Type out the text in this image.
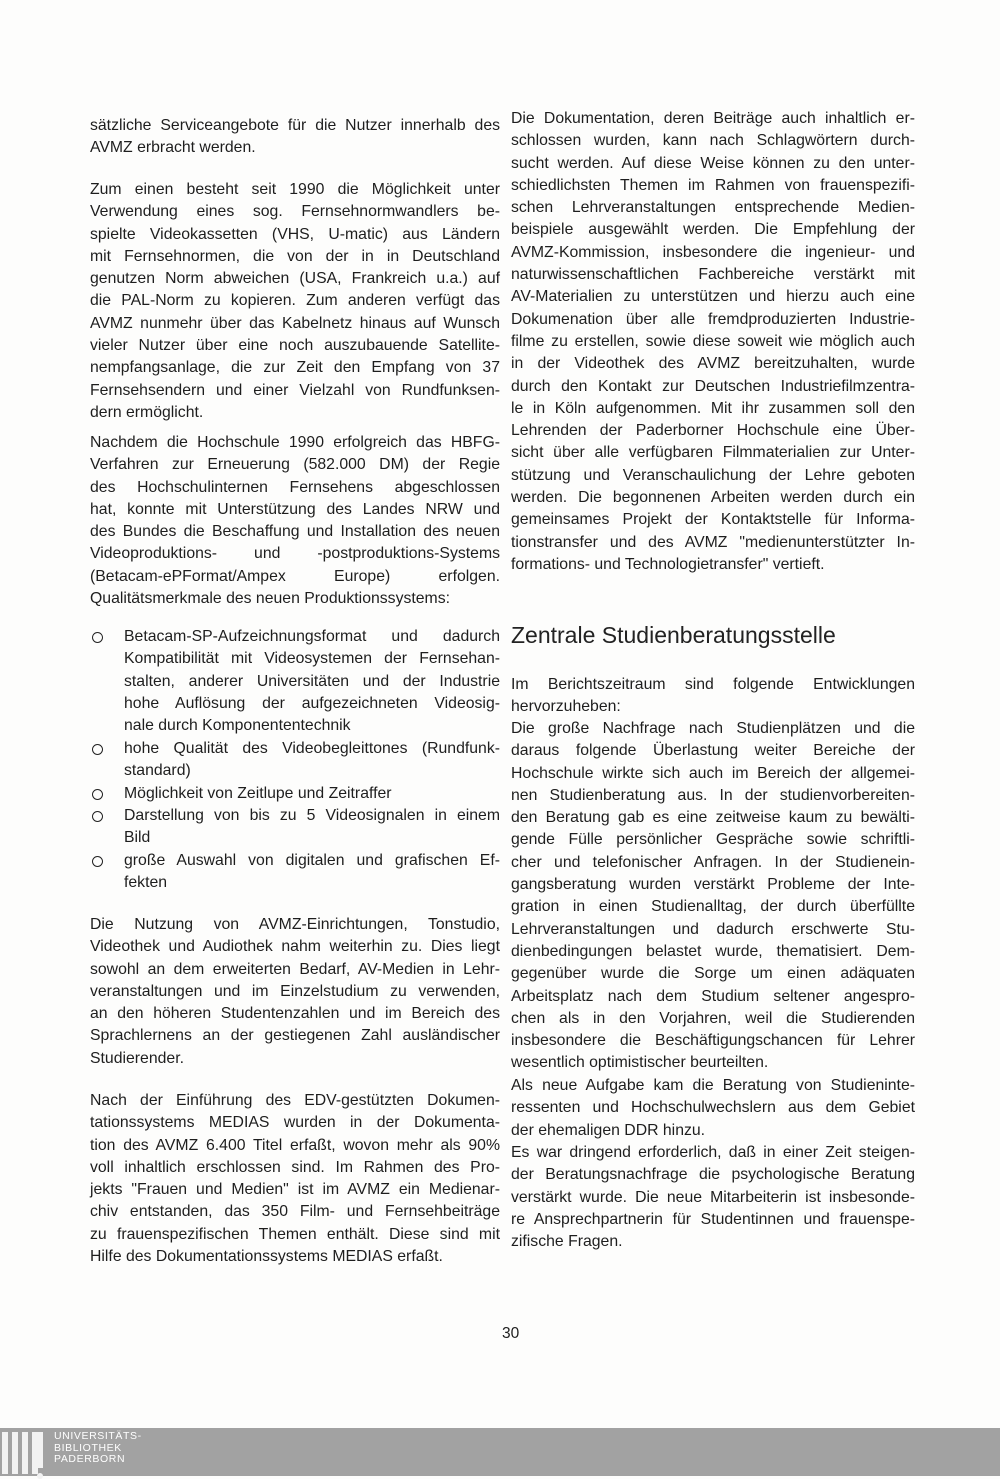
sätzliche Serviceangebote für die Nutzer innerhalb des
AVMZ erbracht werden.
Zum einen besteht seit 1990 die Möglichkeit unter
Verwendung eines sog. Fernsehnormwandlers be-
spielte Videokassetten (VHS, U-matic) aus Ländern
mit Fernsehnormen, die von der in in Deutschland
genutzen Norm abweichen (USA, Frankreich u.a.) auf
die PAL-Norm zu kopieren. Zum anderen verfügt das
AVMZ nunmehr über das Kabelnetz hinaus auf Wunsch
vieler Nutzer über eine noch auszubauende Satellite-
nempfangsanlage, die zur Zeit den Empfang von 37
Fernsehsendern und einer Vielzahl von Rundfunksen-
dern ermöglicht.
Nachdem die Hochschule 1990 erfolgreich das HBFG-
Verfahren zur Erneuerung (582.000 DM) der Regie
des Hochschulinternen Fernsehens abgeschlossen
hat, konnte mit Unterstützung des Landes NRW und
des Bundes die Beschaffung und Installation des neuen
Videoproduktions- und -postproduktions-Systems
(Betacam-ePFormat/Ampex Europe) erfolgen.
Qualitätsmerkmale des neuen Produktionssystems:
Betacam-SP-Aufzeichnungsformat und dadurch
Kompatibilität mit Videosystemen der Fernsehan-
stalten, anderer Universitäten und der Industrie
hohe Auflösung der aufgezeichneten Videosig-
nale durch Komponententechnik
hohe Qualität des Videobegleittones (Rundfunk-
standard)
Möglichkeit von Zeitlupe und Zeitraffer
Darstellung von bis zu 5 Videosignalen in einem
Bild
große Auswahl von digitalen und grafischen Ef-
fekten
Die Nutzung von AVMZ-Einrichtungen, Tonstudio,
Videothek und Audiothek nahm weiterhin zu. Dies liegt
sowohl an dem erweiterten Bedarf, AV-Medien in Lehr-
veranstaltungen und im Einzelstudium zu verwenden,
an den höheren Studentenzahlen und im Bereich des
Sprachlernens an der gestiegenen Zahl ausländischer
Studierender.
Nach der Einführung des EDV-gestützten Dokumen-
tationssystems MEDIAS wurden in der Dokumenta-
tion des AVMZ 6.400 Titel erfaßt, wovon mehr als 90%
voll inhaltlich erschlossen sind. Im Rahmen des Pro-
jekts "Frauen und Medien" ist im AVMZ ein Medienar-
chiv entstanden, das 350 Film- und Fernsehbeiträge
zu frauenspezifischen Themen enthält. Diese sind mit
Hilfe des Dokumentationssystems MEDIAS erfaßt.
Die Dokumentation, deren Beiträge auch inhaltlich er-
schlossen wurden, kann nach Schlagwörtern durch-
sucht werden. Auf diese Weise können zu den unter-
schiedlichsten Themen im Rahmen von frauenspezifi-
schen Lehrveranstaltungen entsprechende Medien-
beispiele ausgewählt werden. Die Empfehlung der
AVMZ-Kommission, insbesondere die ingenieur- und
naturwissenschaftlichen Fachbereiche verstärkt mit
AV-Materialien zu unterstützen und hierzu auch eine
Dokumenation über alle fremdproduzierten Industrie-
filme zu erstellen, sowie diese soweit wie möglich auch
in der Videothek des AVMZ bereitzuhalten, wurde
durch den Kontakt zur Deutschen Industriefilmzentra-
le in Köln aufgenommen. Mit ihr zusammen soll den
Lehrenden der Paderborner Hochschule eine Über-
sicht über alle verfügbaren Filmmaterialien zur Unter-
stützung und Veranschaulichung der Lehre geboten
werden. Die begonnenen Arbeiten werden durch ein
gemeinsames Projekt der Kontaktstelle für Informa-
tionstransfer und des AVMZ "medienunterstützter In-
formations- und Technologietransfer" vertieft.
Zentrale Studienberatungsstelle
Im Berichtszeitraum sind folgende Entwicklungen
hervorzuheben:
Die große Nachfrage nach Studienplätzen und die
daraus folgende Überlastung weiter Bereiche der
Hochschule wirkte sich auch im Bereich der allgemei-
nen Studienberatung aus. In der studienvorbereiten-
den Beratung gab es eine zeitweise kaum zu bewälti-
gende Fülle persönlicher Gespräche sowie schriftli-
cher und telefonischer Anfragen. In der Studienein-
gangsberatung wurden verstärkt Probleme der Inte-
gration in einen Studienalltag, der durch überfüllte
Lehrveranstaltungen und dadurch erschwerte Stu-
dienbedingungen belastet wurde, thematisiert. Dem-
gegenüber wurde die Sorge um einen adäquaten
Arbeitsplatz nach dem Studium seltener angespro-
chen als in den Vorjahren, weil die Studierenden
insbesondere die Beschäftigungschancen für Lehrer
wesentlich optimistischer beurteilten.
Als neue Aufgabe kam die Beratung von Studieninte-
ressenten und Hochschulwechslern aus dem Gebiet
der ehemaligen DDR hinzu.
Es war dringend erforderlich, daß in einer Zeit steigen-
der Beratungsnachfrage die psychologische Beratung
verstärkt wurde. Die neue Mitarbeiterin ist insbesonde-
re Ansprechpartnerin für Studentinnen und frauenspe-
zifische Fragen.
30
UNIVERSITÄTS-
BIBLIOTHEK
PADERBORN
